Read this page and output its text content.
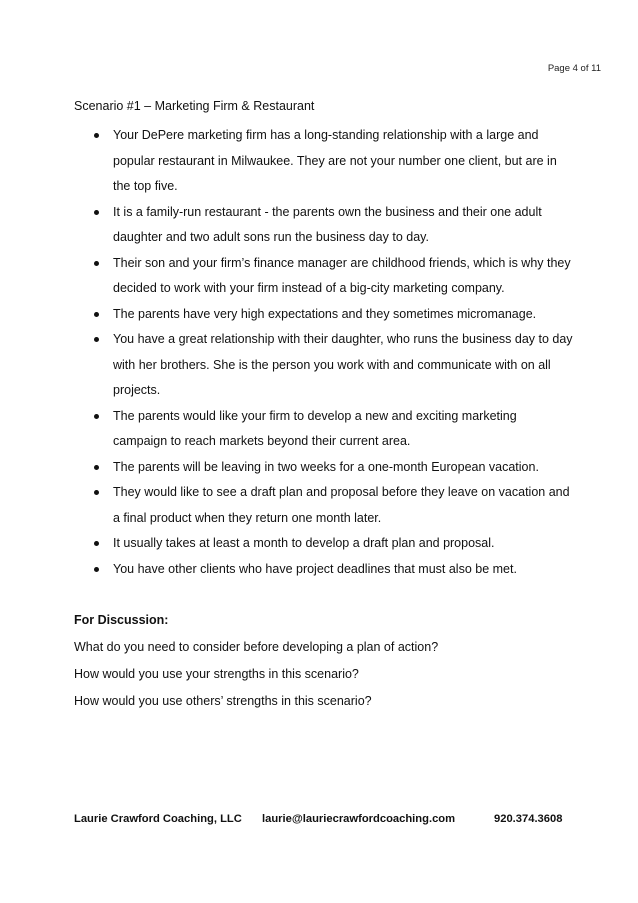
Page 4 of 11
Scenario #1 – Marketing Firm & Restaurant
Your DePere marketing firm has a long-standing relationship with a large and popular restaurant in Milwaukee. They are not your number one client, but are in the top five.
It is a family-run restaurant - the parents own the business and their one adult daughter and two adult sons run the business day to day.
Their son and your firm’s finance manager are childhood friends, which is why they decided to work with your firm instead of a big-city marketing company.
The parents have very high expectations and they sometimes micromanage.
You have a great relationship with their daughter, who runs the business day to day with her brothers. She is the person you work with and communicate with on all projects.
The parents would like your firm to develop a new and exciting marketing campaign to reach markets beyond their current area.
The parents will be leaving in two weeks for a one-month European vacation.
They would like to see a draft plan and proposal before they leave on vacation and a final product when they return one month later.
It usually takes at least a month to develop a draft plan and proposal.
You have other clients who have project deadlines that must also be met.
For Discussion:
What do you need to consider before developing a plan of action?
How would you use your strengths in this scenario?
How would you use others’ strengths in this scenario?
Laurie Crawford Coaching, LLC laurie@lauriecrawfordcoaching.com	920.374.3608
